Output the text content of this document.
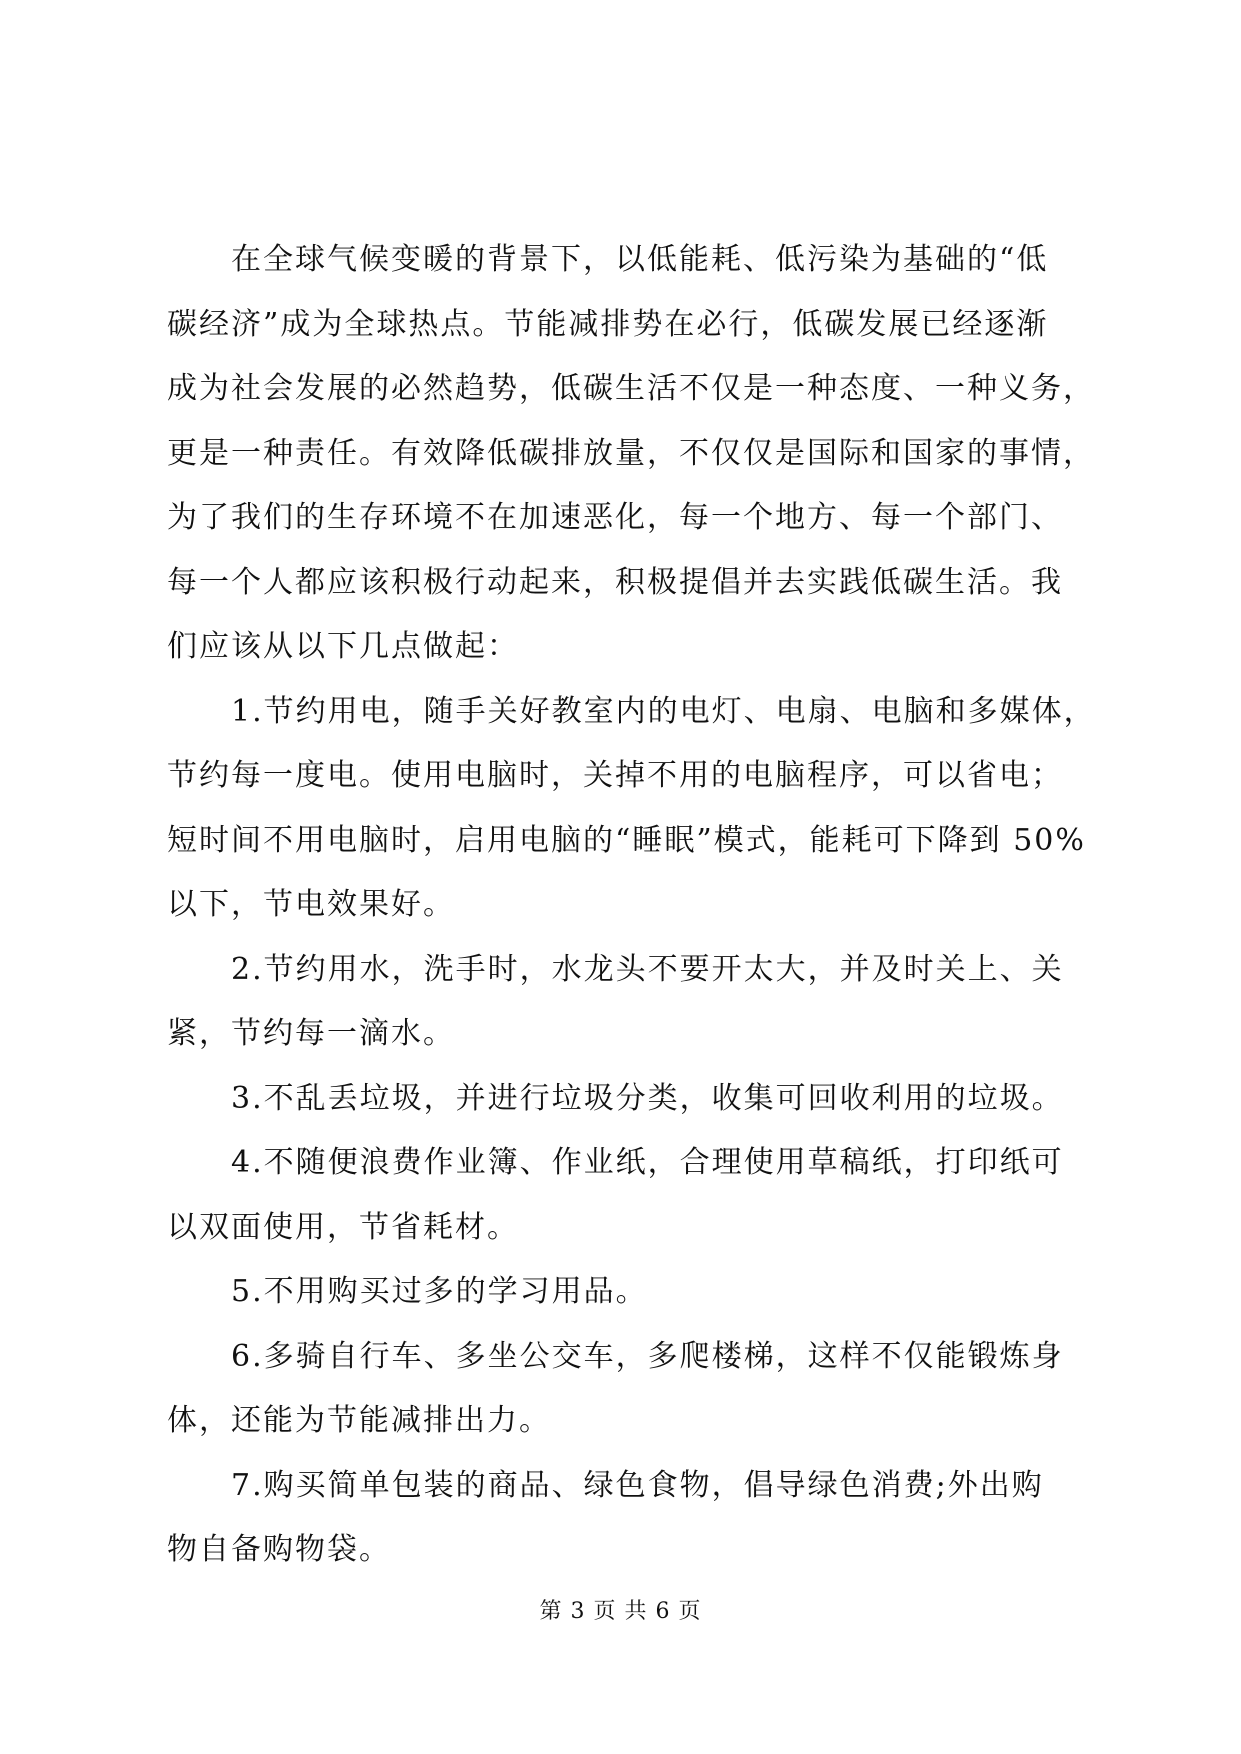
在全球气候变暖的背景下，以低能耗、低污染为基础的“低
碳经济”成为全球热点。节能减排势在必行，低碳发展已经逐渐
成为社会发展的必然趋势，低碳生活不仅是一种态度、一种义务，
更是一种责任。有效降低碳排放量，不仅仅是国际和国家的事情，
为了我们的生存环境不在加速恶化，每一个地方、每一个部门、
每一个人都应该积极行动起来，积极提倡并去实践低碳生活。我
们应该从以下几点做起：
1.节约用电，随手关好教室内的电灯、电扇、电脑和多媒体，
节约每一度电。使用电脑时，关掉不用的电脑程序，可以省电；
短时间不用电脑时，启用电脑的“睡眠”模式，能耗可下降到 50%
以下，节电效果好。
2.节约用水，洗手时，水龙头不要开太大，并及时关上、关
紧，节约每一滴水。
3.不乱丢垃圾，并进行垃圾分类，收集可回收利用的垃圾。
4.不随便浪费作业簿、作业纸，合理使用草稿纸，打印纸可
以双面使用，节省耗材。
5.不用购买过多的学习用品。
6.多骑自行车、多坐公交车，多爬楼梯，这样不仅能锻炼身
体，还能为节能减排出力。
7.购买简单包装的商品、绿色食物，倡导绿色消费;外出购
物自备购物袋。
第 3 页 共 6 页
